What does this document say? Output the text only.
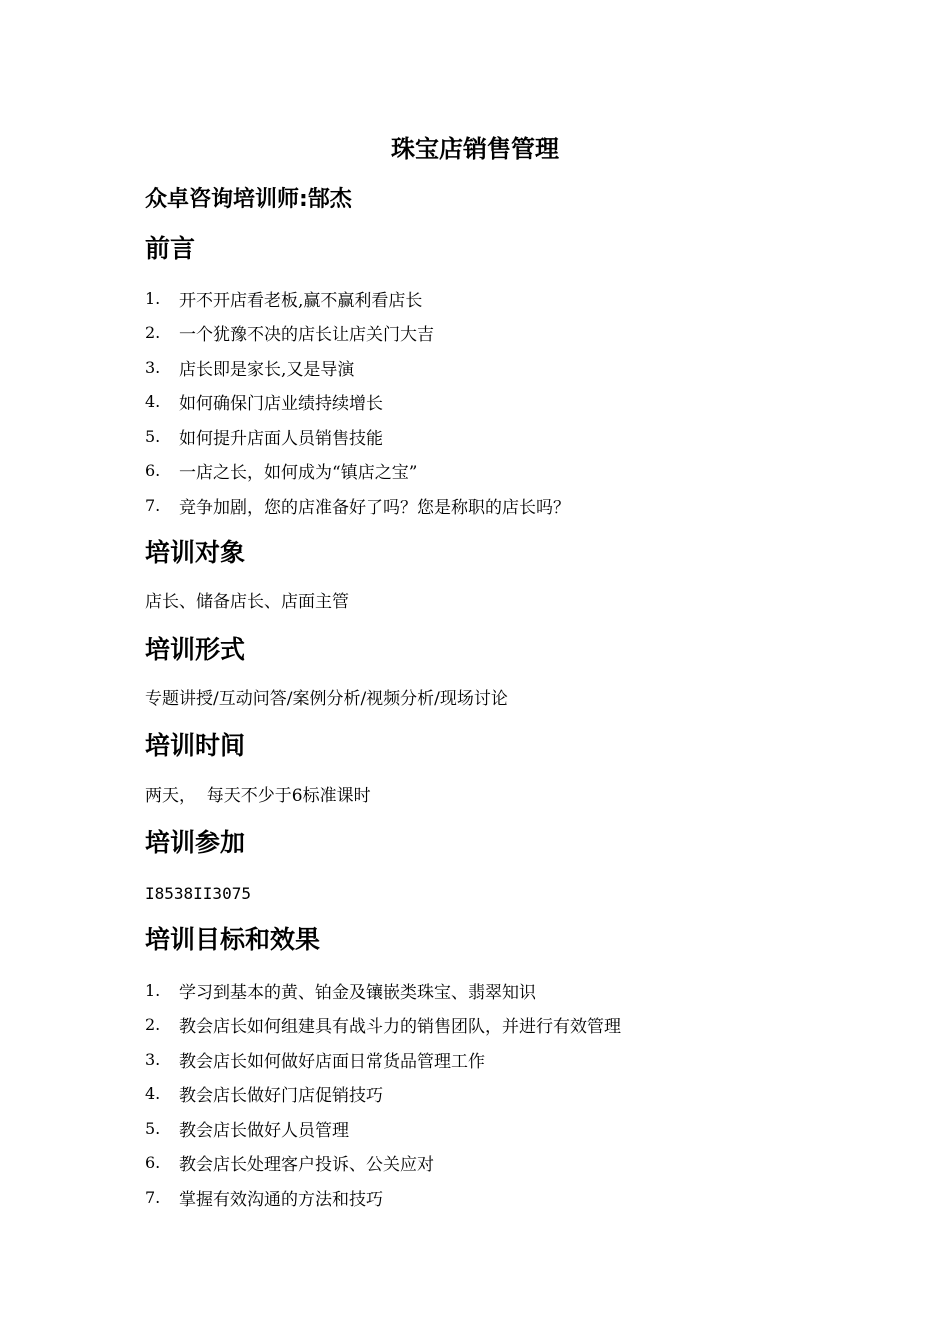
珠宝店销售管理
众卓咨询培训师:郜杰
前言
1.	开不开店看老板,赢不赢利看店长
2.	一个犹豫不决的店长让店关门大吉
3.	店长即是家长,又是导演
4.	如何确保门店业绩持续增长
5.	如何提升店面人员销售技能
6.	一店之长，如何成为“镇店之宝”
7.	竞争加剧，您的店准备好了吗？您是称职的店长吗？
培训对象

店长、储备店长、店面主管

培训形式

专题讲授/互动问答/案例分析/视频分析/现场讨论

培训时间

两天，  每天不少于6标准课时

培训参加

I8538II3075

培训目标和效果
1.	学习到基本的黄、铂金及镶嵌类珠宝、翡翠知识
2.	教会店长如何组建具有战斗力的销售团队，并进行有效管理
3.	教会店长如何做好店面日常货品管理工作
4.	教会店长做好门店促销技巧
5.	教会店长做好人员管理
6.	教会店长处理客户投诉、公关应对
7.	掌握有效沟通的方法和技巧
